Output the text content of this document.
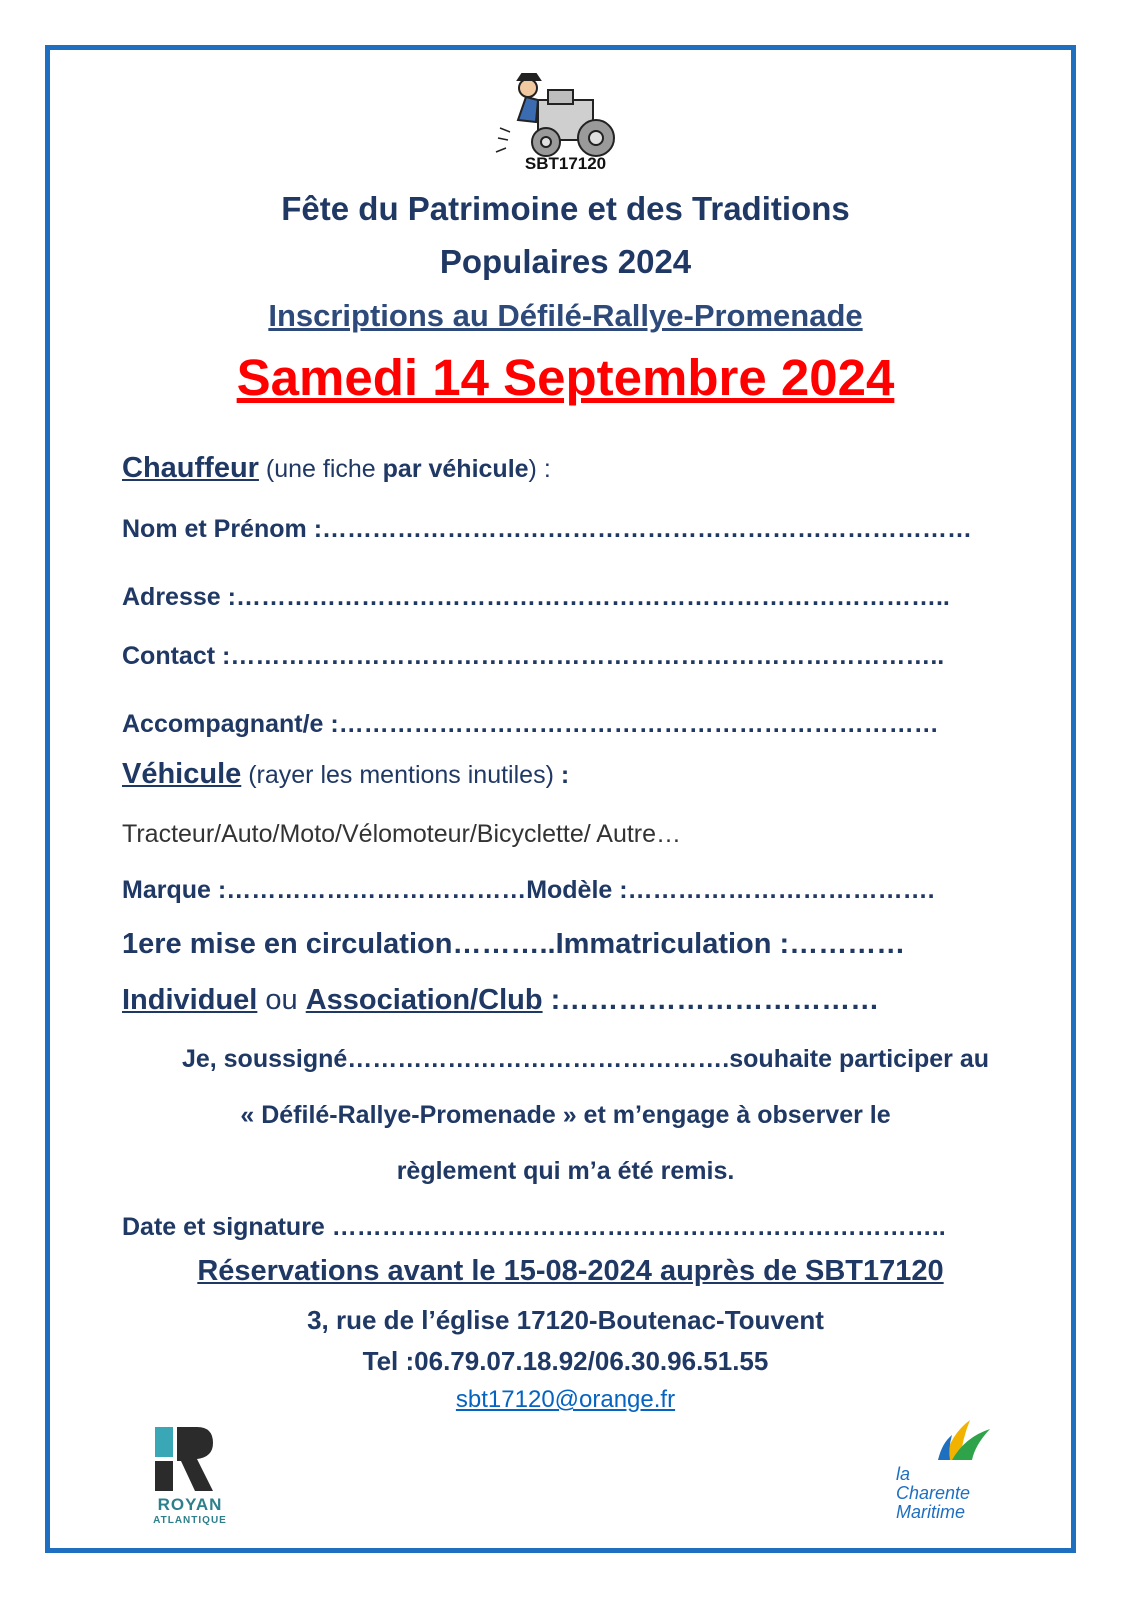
SBT17120
Fête du Patrimoine et des Traditions
Populaires 2024
Inscriptions au Défilé-Rallye-Promenade
Samedi 14 Septembre 2024
Chauffeur (une fiche par véhicule) :
Nom et Prénom :……………………………………………………………………
Adresse :…………………………………………………………………………..
Contact :…………………………………………………………………………..
Accompagnant/e :………………………………………………………………
Véhicule (rayer les mentions inutiles) :
Tracteur/Auto/Moto/Vélomoteur/Bicyclette/ Autre…
Marque :………………………………Modèle :……………………………….
1ere mise en circulation………..Immatriculation :…………
Individuel ou Association/Club :……………………………
Je, soussigné……………………………………….souhaite participer au
« Défilé-Rallye-Promenade » et m’engage à observer le
règlement qui m’a été remis.
Date et signature ………………………………………………………………..
Réservations avant le 15-08-2024 auprès de SBT17120
3, rue de l’église 17120-Boutenac-Touvent
Tel :06.79.07.18.92/06.30.96.51.55
sbt17120@orange.fr
ROYAN
ATLANTIQUE
la
Charente
Maritime
